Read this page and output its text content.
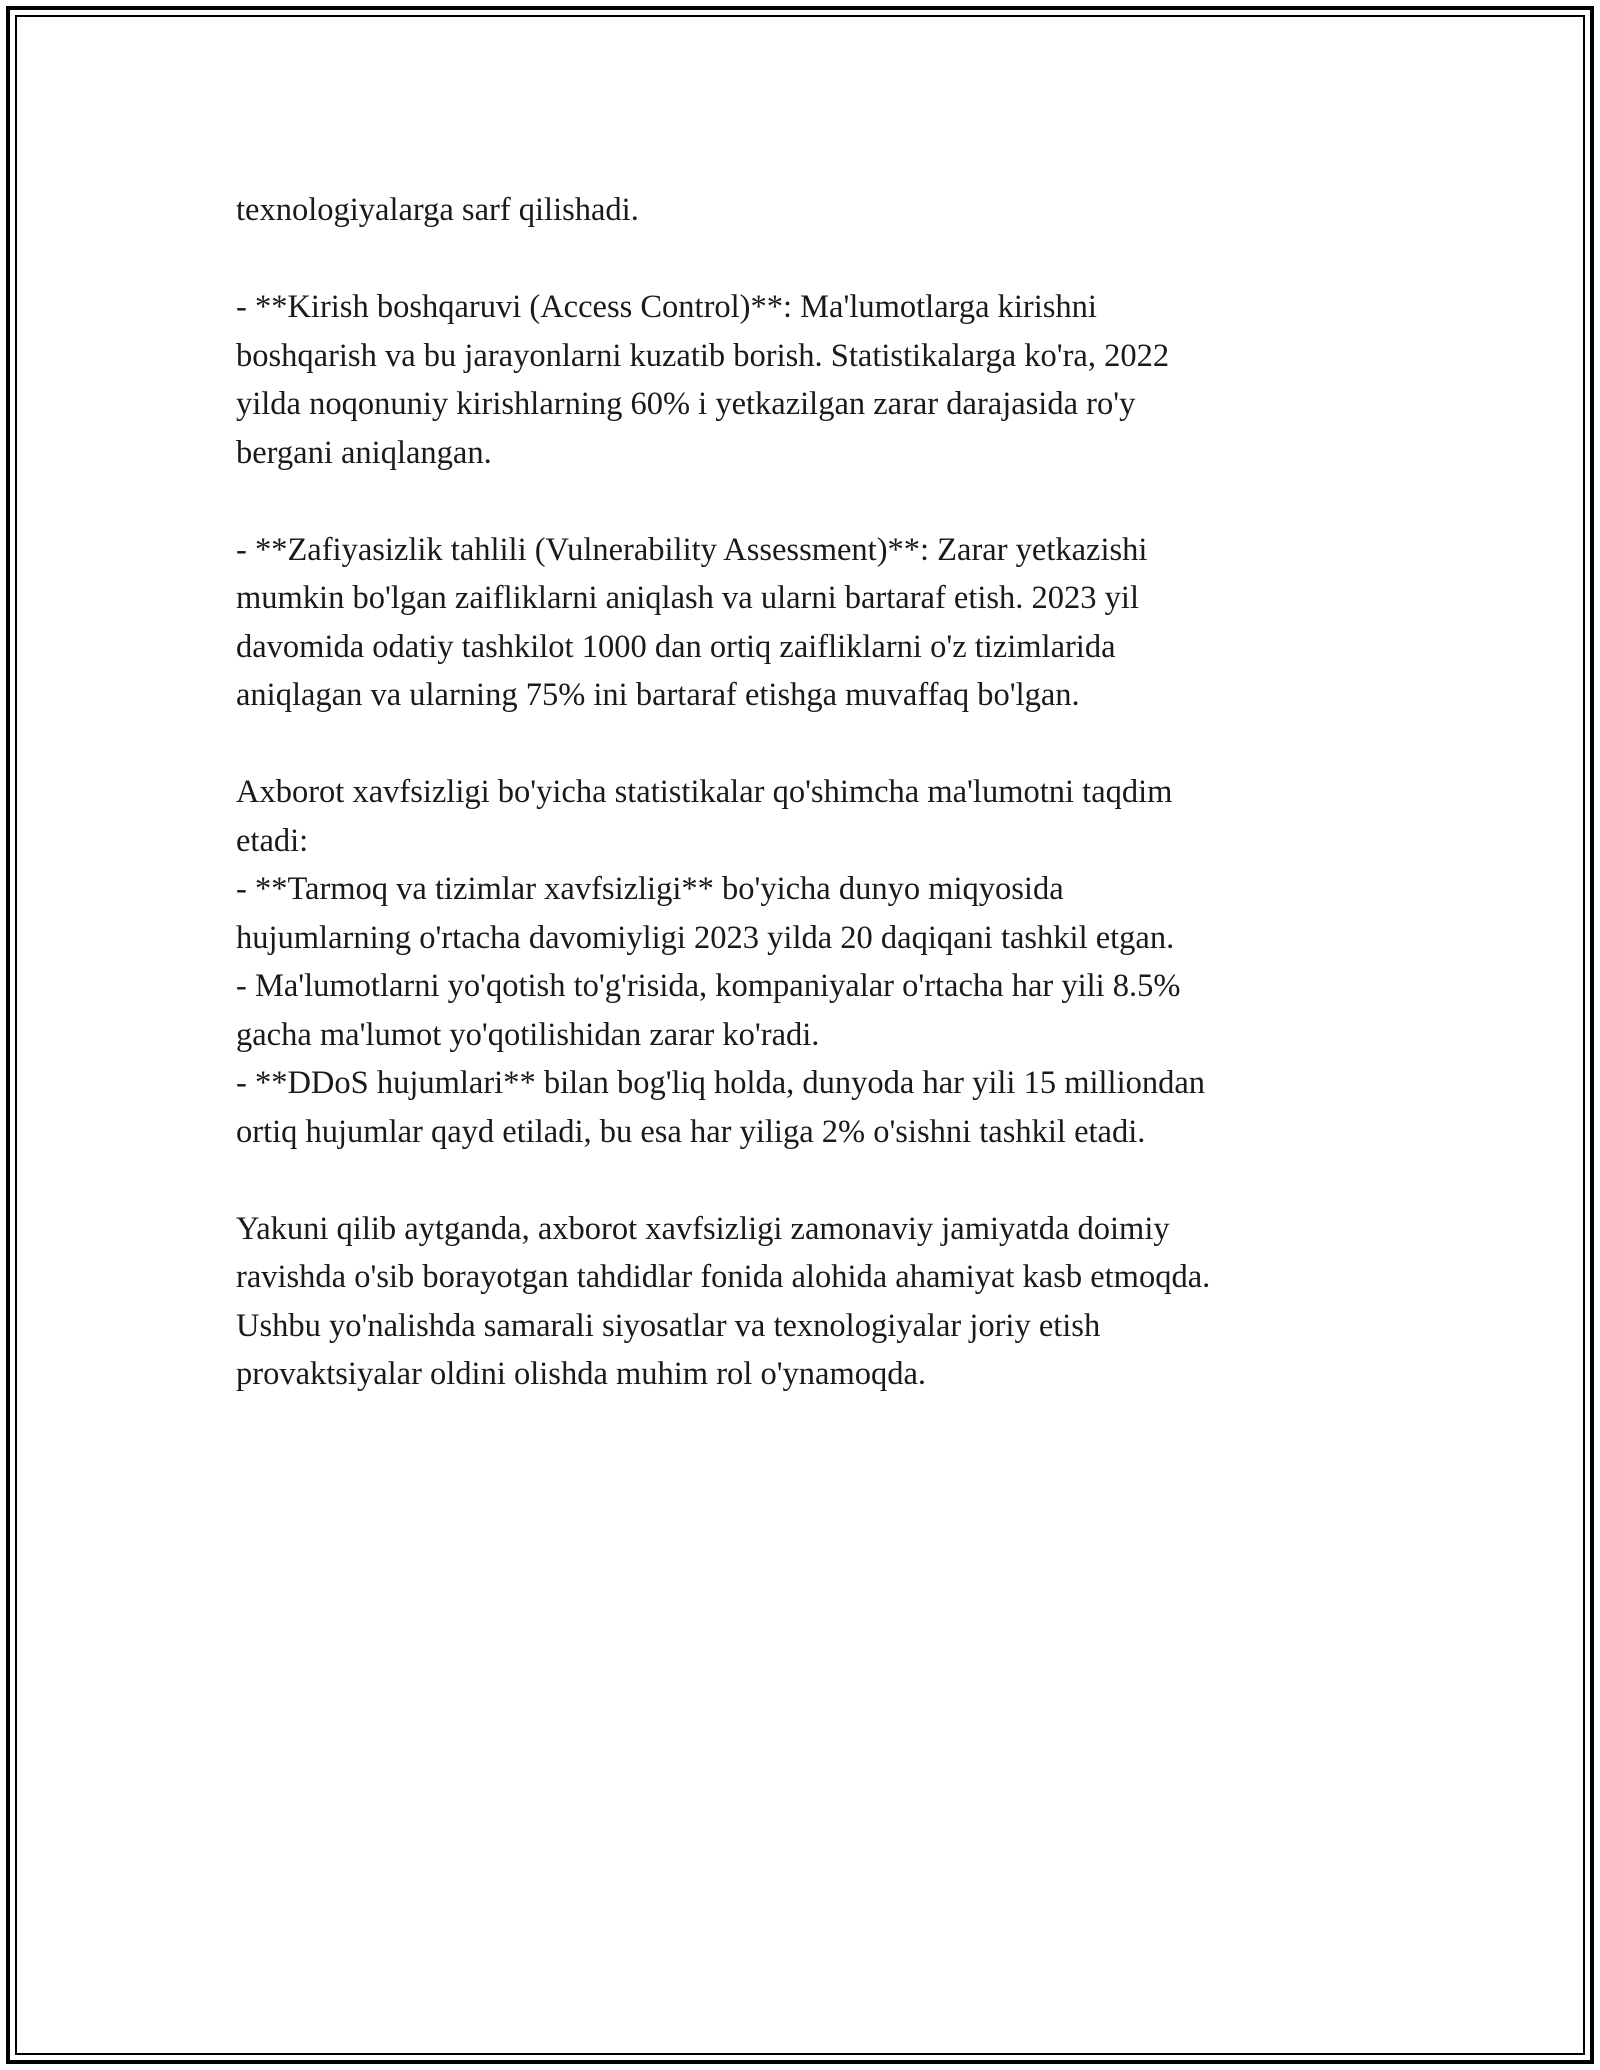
texnologiyalarga sarf qilishadi.

- **Kirish boshqaruvi (Access Control)**: Ma'lumotlarga kirishni
boshqarish va bu jarayonlarni kuzatib borish. Statistikalarga ko'ra, 2022
yilda noqonuniy kirishlarning 60% i yetkazilgan zarar darajasida ro'y
bergani aniqlangan.

- **Zafiyasizlik tahlili (Vulnerability Assessment)**: Zarar yetkazishi
mumkin bo'lgan zaifliklarni aniqlash va ularni bartaraf etish. 2023 yil
davomida odatiy tashkilot 1000 dan ortiq zaifliklarni o'z tizimlarida
aniqlagan va ularning 75% ini bartaraf etishga muvaffaq bo'lgan.

Axborot xavfsizligi bo'yicha statistikalar qo'shimcha ma'lumotni taqdim
etadi:
- **Tarmoq va tizimlar xavfsizligi** bo'yicha dunyo miqyosida
hujumlarning o'rtacha davomiyligi 2023 yilda 20 daqiqani tashkil etgan.
- Ma'lumotlarni yo'qotish to'g'risida, kompaniyalar o'rtacha har yili 8.5%
gacha ma'lumot yo'qotilishidan zarar ko'radi.
- **DDoS hujumlari** bilan bog'liq holda, dunyoda har yili 15 milliondan
ortiq hujumlar qayd etiladi, bu esa har yiliga 2% o'sishni tashkil etadi.

Yakuni qilib aytganda, axborot xavfsizligi zamonaviy jamiyatda doimiy
ravishda o'sib borayotgan tahdidlar fonida alohida ahamiyat kasb etmoqda.
Ushbu yo'nalishda samarali siyosatlar va texnologiyalar joriy etish
provaktsiyalar oldini olishda muhim rol o'ynamoqda.
